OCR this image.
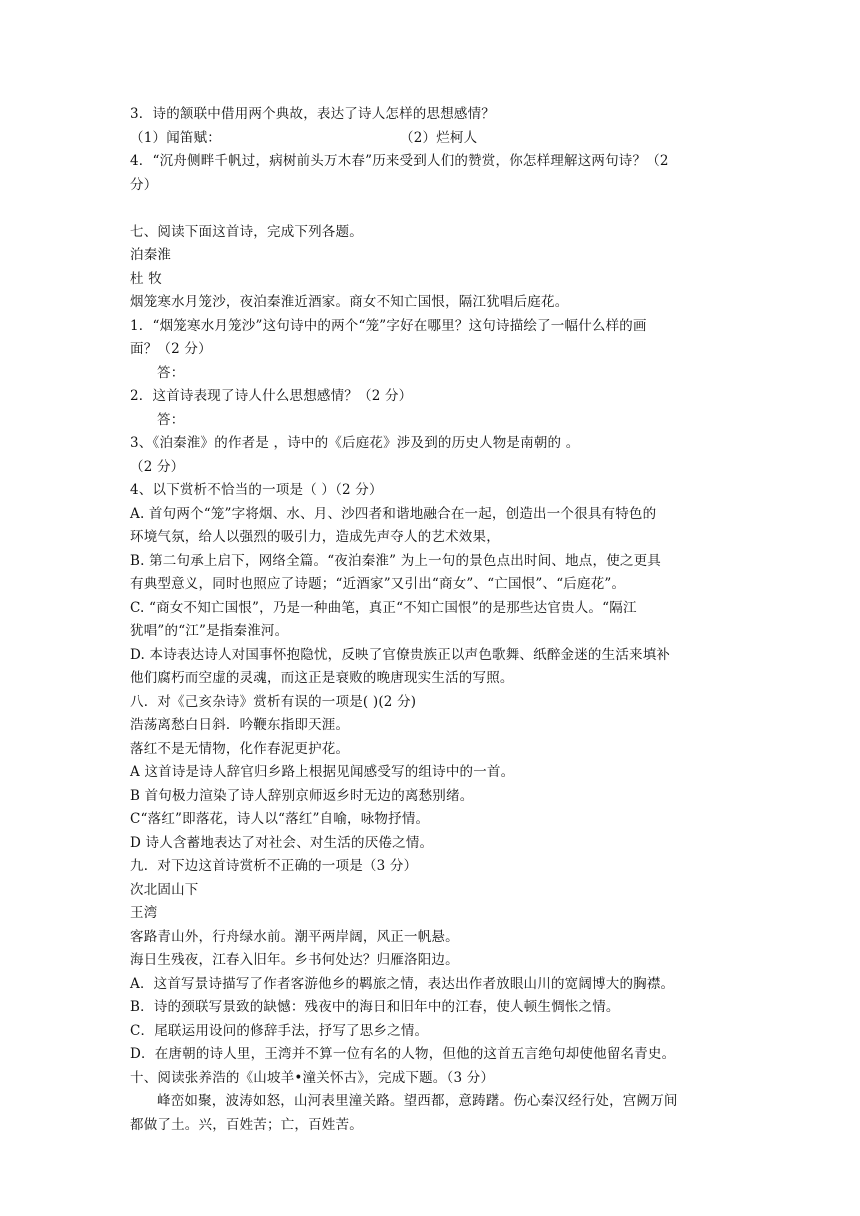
3．诗的颔联中借用两个典故，表达了诗人怎样的思想感情？
（1）闻笛赋：	（2）烂柯人
4．“沉舟侧畔千帆过，病树前头万木春”历来受到人们的赞赏，你怎样理解这两句诗？（2
分）
七、阅读下面这首诗，完成下列各题。
泊秦淮
杜 牧
烟笼寒水月笼沙，夜泊秦淮近酒家。商女不知亡国恨，隔江犹唱后庭花。
1．“烟笼寒水月笼沙”这句诗中的两个“笼”字好在哪里？这句诗描绘了一幅什么样的画
面？（2 分）
答：
2．这首诗表现了诗人什么思想感情？（2 分）
答：
3、《泊秦淮》的作者是 ，诗中的《后庭花》涉及到的历史人物是南朝的 。
（2 分）
4、以下赏析不恰当的一项是（ ）（2 分）
A. 首句两个“笼”字将烟、水、月、沙四者和谐地融合在一起，创造出一个很具有特色的
环境气氛，给人以强烈的吸引力，造成先声夺人的艺术效果，
B. 第二句承上启下，网络全篇。“夜泊秦淮” 为上一句的景色点出时间、地点，使之更具
有典型意义，同时也照应了诗题；“近酒家”又引出“商女”、“亡国恨”、“后庭花”。
C. “商女不知亡国恨”，乃是一种曲笔，真正“不知亡国恨”的是那些达官贵人。“隔江
犹唱”的“江”是指秦淮河。
D. 本诗表达诗人对国事怀抱隐忧，反映了官僚贵族正以声色歌舞、纸醉金迷的生活来填补
他们腐朽而空虚的灵魂，而这正是衰败的晚唐现实生活的写照。
八．对《己亥杂诗》赏析有误的一项是( )(2 分)
浩荡离愁白日斜．吟鞭东指即天涯。
落红不是无情物，化作春泥更护花。
A 这首诗是诗人辞官归乡路上根据见闻感受写的组诗中的一首。
B 首句极力渲染了诗人辞别京师返乡时无边的离愁别绪。
C“落红”即落花，诗人以“落红”自喻，咏物抒情。
D 诗人含蓄地表达了对社会、对生活的厌倦之情。
九．对下边这首诗赏析不正确的一项是（3 分）
次北固山下
王湾
客路青山外，行舟绿水前。潮平两岸阔，风正一帆悬。
海日生残夜，江春入旧年。乡书何处达？归雁洛阳边。
A．这首写景诗描写了作者客游他乡的羁旅之情，表达出作者放眼山川的宽阔博大的胸襟。
B．诗的颈联写景致的缺憾：残夜中的海日和旧年中的江春，使人顿生惆怅之情。
C．尾联运用设问的修辞手法，抒写了思乡之情。
D．在唐朝的诗人里，王湾并不算一位有名的人物，但他的这首五言绝句却使他留名青史。
十、阅读张养浩的《山坡羊•潼关怀古》，完成下题。（3 分）
峰峦如聚，波涛如怒，山河表里潼关路。望西都，意踌躇。伤心秦汉经行处，宫阙万间
都做了土。兴，百姓苦；亡，百姓苦。
